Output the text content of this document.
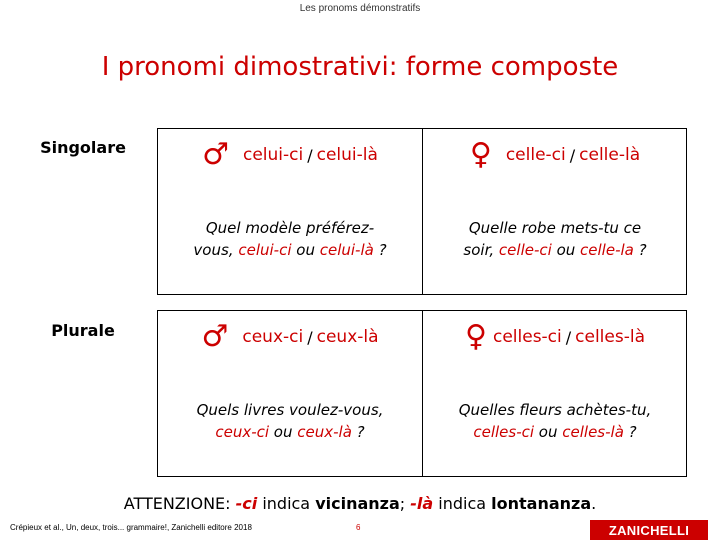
Les pronoms démonstratifs
I pronomi dimostrativi: forme composte
Singolare
Plurale
♂ celui-ci / celui-là	♀ celle-ci / celle-là
Quel modèle préférez-
vous, celui-ci ou celui-là ?
Quelle robe mets-tu ce
soir, celle-ci ou celle-la ?
♂ ceux-ci / ceux-là	♀ celles-ci / celles-là
Quels livres voulez-vous,
ceux-ci ou ceux-là ?
Quelles fleurs achètes-tu,
celles-ci ou celles-là ?
ATTENZIONE: -ci indica vicinanza; -là indica lontananza.
Crépieux et al., Un, deux, trois... grammaire!, Zanichelli editore 2018	6	ZANICHELLI
